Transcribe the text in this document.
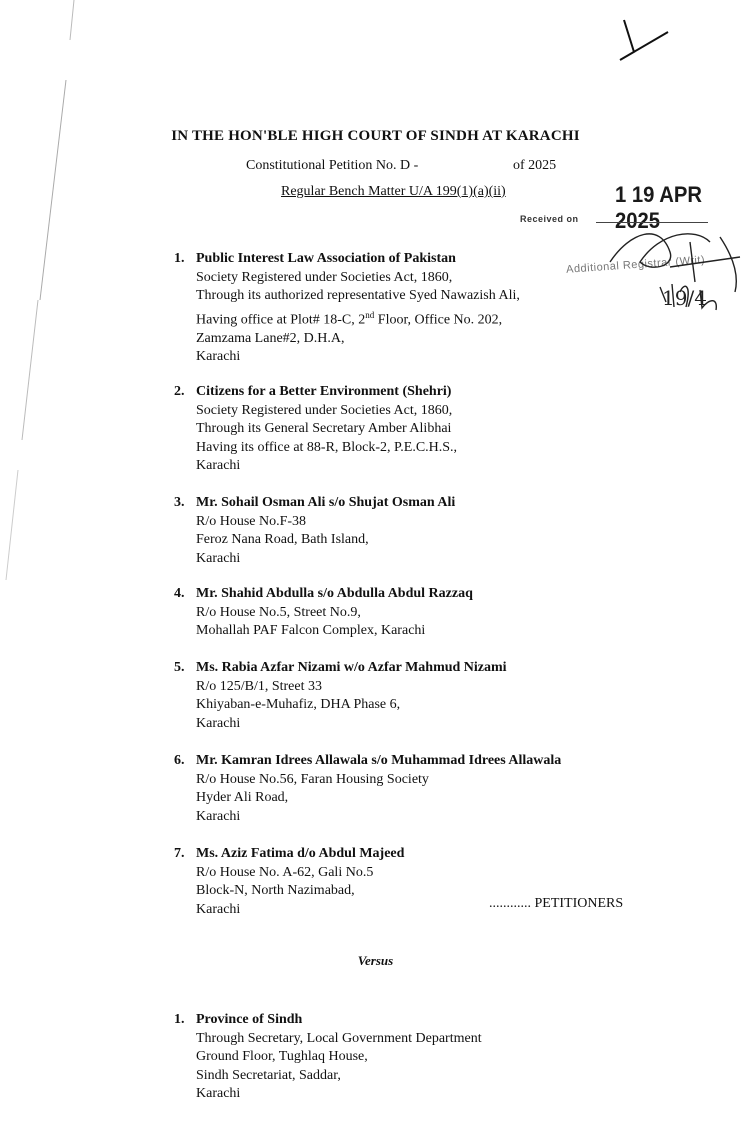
IN THE HON'BLE HIGH COURT OF SINDH AT KARACHI
Constitutional Petition No. D -	of 2025
Regular Bench Matter U/A 199(1)(a)(ii)	1 19 APR 2025
Received on
Additional Registrar (Writ)
19/4
1. Public Interest Law Association of Pakistan
Society Registered under Societies Act, 1860,
Through its authorized representative Syed Nawazish Ali,
Having office at Plot# 18-C, 2nd Floor, Office No. 202,
Zamzama Lane#2, D.H.A,
Karachi
2. Citizens for a Better Environment (Shehri)
Society Registered under Societies Act, 1860,
Through its General Secretary Amber Alibhai
Having its office at 88-R, Block-2, P.E.C.H.S.,
Karachi
3. Mr. Sohail Osman Ali s/o Shujat Osman Ali
R/o House No.F-38
Feroz Nana Road, Bath Island,
Karachi
4. Mr. Shahid Abdulla s/o Abdulla Abdul Razzaq
R/o House No.5, Street No.9,
Mohallah PAF Falcon Complex, Karachi
5. Ms. Rabia Azfar Nizami w/o Azfar Mahmud Nizami
R/o 125/B/1, Street 33
Khiyaban-e-Muhafiz, DHA Phase 6,
Karachi
6. Mr. Kamran Idrees Allawala s/o Muhammad Idrees Allawala
R/o House No.56, Faran Housing Society
Hyder Ali Road,
Karachi
7. Ms. Aziz Fatima d/o Abdul Majeed
R/o House No. A-62, Gali No.5
Block-N, North Nazimabad,
Karachi	............ PETITIONERS
Versus
1. Province of Sindh
Through Secretary, Local Government Department
Ground Floor, Tughlaq House,
Sindh Secretariat, Saddar,
Karachi
